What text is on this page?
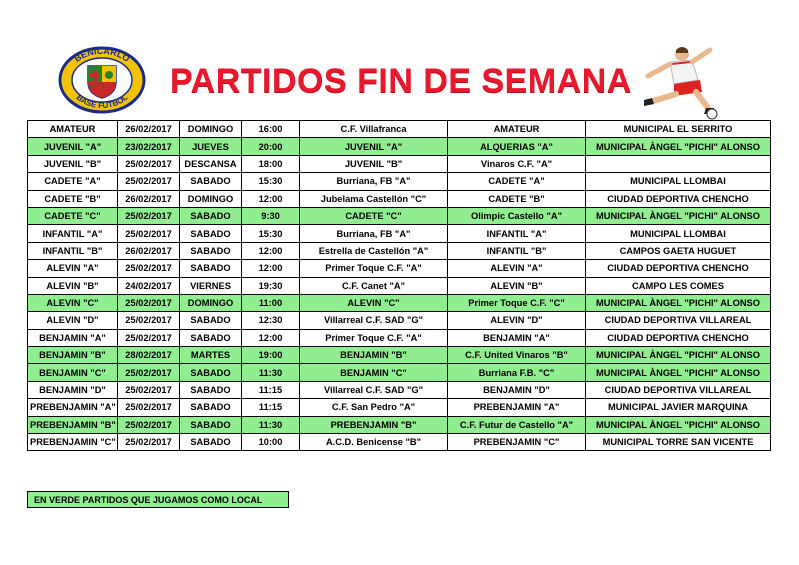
BENICARLO
BASE FUTBOL PARTIDOS FIN DE SEMANA
AMATEUR	26/02/2017	DOMINGO	16:00	C.F. Villafranca	AMATEUR	MUNICIPAL EL SERRITO
JUVENIL "A"	23/02/2017	JUEVES	20:00	JUVENIL "A"	ALQUERIAS "A"	MUNICIPAL ÀNGEL "PICHI" ALONSO
JUVENIL "B"	25/02/2017	DESCANSA	18:00	JUVENIL "B"	Vinaros C.F. "A"	
CADETE "A"	25/02/2017	SABADO	15:30	Burriana, FB "A"	CADETE "A"	MUNICIPAL LLOMBAI
CADETE "B"	26/02/2017	DOMINGO	12:00	Jubelama Castellón "C"	CADETE "B"	CIUDAD DEPORTIVA CHENCHO
CADETE "C"	25/02/2017	SABADO	9:30	CADETE "C"	Olimpic Castello "A"	MUNICIPAL ÀNGEL "PICHI" ALONSO
INFANTIL "A"	25/02/2017	SABADO	15:30	Burriana, FB "A"	INFANTIL "A"	MUNICIPAL LLOMBAI
INFANTIL "B"	26/02/2017	SABADO	12:00	Estrella de Castellón "A"	INFANTIL "B"	CAMPOS GAETA HUGUET
ALEVIN "A"	25/02/2017	SABADO	12:00	Primer Toque C.F. "A"	ALEVIN "A"	CIUDAD DEPORTIVA CHENCHO
ALEVIN "B"	24/02/2017	VIERNES	19:30	C.F. Canet "A"	ALEVIN "B"	CAMPO LES COMES
ALEVIN "C"	25/02/2017	DOMINGO	11:00	ALEVIN "C"	Primer Toque C.F. "C"	MUNICIPAL ÀNGEL "PICHI" ALONSO
ALEVIN "D"	25/02/2017	SABADO	12:30	Villarreal C.F. SAD "G"	ALEVIN "D"	CIUDAD DEPORTIVA VILLAREAL
BENJAMIN "A"	25/02/2017	SABADO	12:00	Primer Toque C.F. "A"	BENJAMIN "A"	CIUDAD DEPORTIVA CHENCHO
BENJAMIN "B"	28/02/2017	MARTES	19:00	BENJAMIN "B"	C.F. United Vinaros "B"	MUNICIPAL ÀNGEL "PICHI" ALONSO
BENJAMIN "C"	25/02/2017	SABADO	11:30	BENJAMIN "C"	Burriana F.B. "C"	MUNICIPAL ÀNGEL "PICHI" ALONSO
BENJAMIN "D"	25/02/2017	SABADO	11:15	Villarreal C.F. SAD "G"	BENJAMIN "D"	CIUDAD DEPORTIVA VILLAREAL
PREBENJAMIN "A"	25/02/2017	SABADO	11:15	C.F. San Pedro "A"	PREBENJAMIN "A"	MUNICIPAL JAVIER MARQUINA
PREBENJAMIN "B"	25/02/2017	SABADO	11:30	PREBENJAMIN "B"	C.F. Futur de Castello "A"	MUNICIPAL ÀNGEL "PICHI" ALONSO
PREBENJAMIN "C"	25/02/2017	SABADO	10:00	A.C.D. Benicense "B"	PREBENJAMIN "C"	MUNICIPAL TORRE SAN VICENTE
EN VERDE PARTIDOS QUE JUGAMOS COMO LOCAL
